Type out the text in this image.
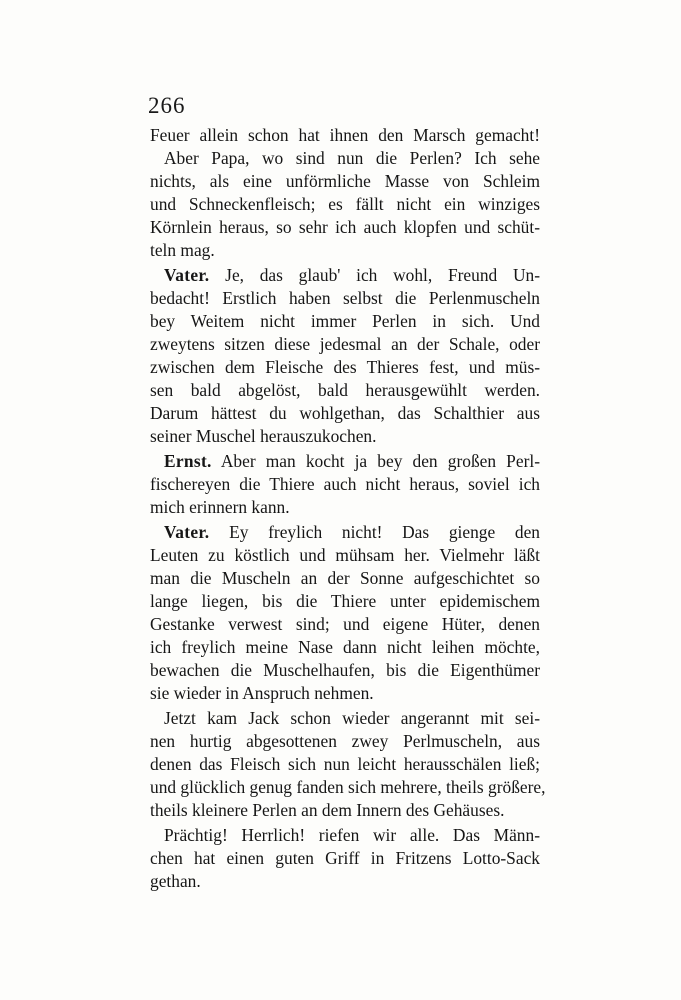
266
Feuer allein schon hat ihnen den Marsch gemacht!
Aber Papa, wo sind nun die Perlen? Ich sehe
nichts, als eine unförmliche Masse von Schleim
und Schneckenfleisch; es fällt nicht ein winziges
Körnlein heraus, so sehr ich auch klopfen und schüt-
teln mag.
Vater. Je, das glaub' ich wohl, Freund Un-
bedacht! Erstlich haben selbst die Perlenmuscheln
bey Weitem nicht immer Perlen in sich. Und
zweytens sitzen diese jedesmal an der Schale, oder
zwischen dem Fleische des Thieres fest, und müs-
sen bald abgelöst, bald herausgewühlt werden.
Darum hättest du wohlgethan, das Schalthier aus
seiner Muschel herauszukochen.
Ernst. Aber man kocht ja bey den großen Perl-
fischereyen die Thiere auch nicht heraus, soviel ich
mich erinnern kann.
Vater. Ey freylich nicht! Das gienge den
Leuten zu köstlich und mühsam her. Vielmehr läßt
man die Muscheln an der Sonne aufgeschichtet so
lange liegen, bis die Thiere unter epidemischem
Gestanke verwest sind; und eigene Hüter, denen
ich freylich meine Nase dann nicht leihen möchte,
bewachen die Muschelhaufen, bis die Eigenthümer
sie wieder in Anspruch nehmen.
Jetzt kam Jack schon wieder angerannt mit sei-
nen hurtig abgesottenen zwey Perlmuscheln, aus
denen das Fleisch sich nun leicht herausschälen ließ;
und glücklich genug fanden sich mehrere, theils größere,
theils kleinere Perlen an dem Innern des Gehäuses.
Prächtig! Herrlich! riefen wir alle. Das Männ-
chen hat einen guten Griff in Fritzens Lotto-Sack
gethan.
